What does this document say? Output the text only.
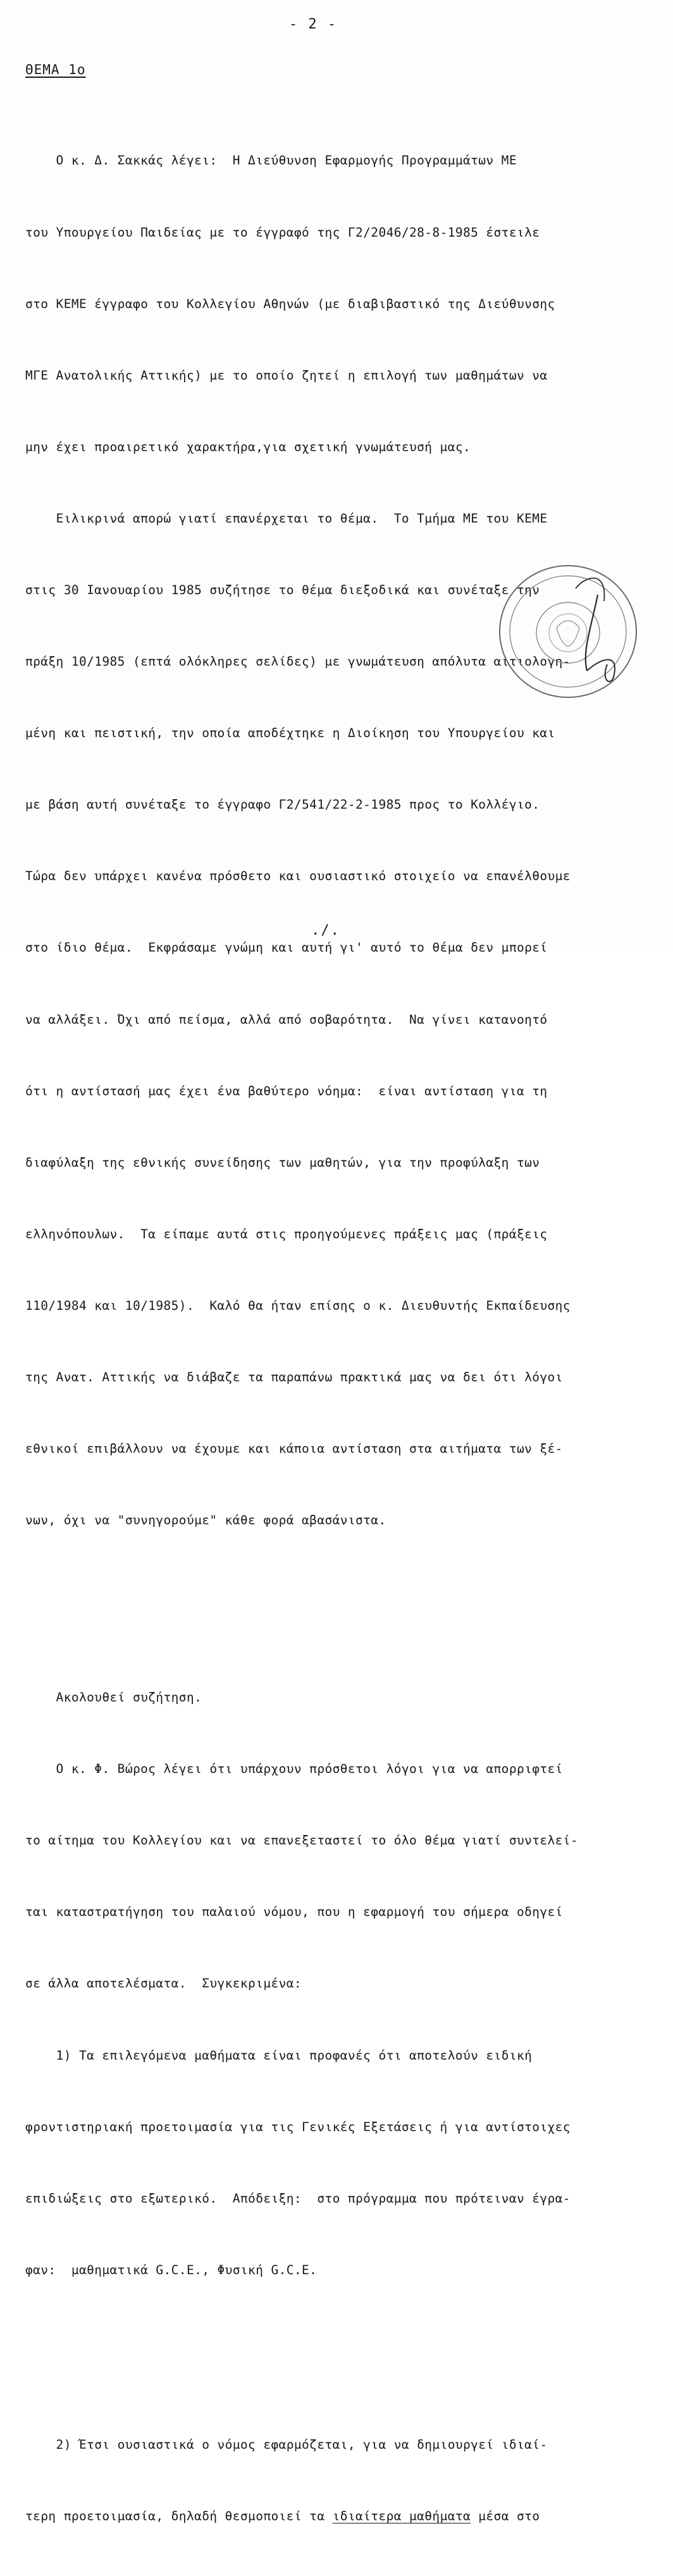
- 2 -
ΘΕΜΑ 1ο

Ο κ. Δ. Σακκάς λέγει:  Η Διεύθυνση Εφαρμογής Προγραμμάτων ΜΕ

του Υπουργείου Παιδείας με το έγγραφό της Γ2/2046/28-8-1985 έστειλε

στο ΚΕΜΕ έγγραφο του Κολλεγίου Αθηνών (με διαβιβαστικό της Διεύθυνσης

ΜΓΕ Ανατολικής Αττικής) με το οποίο ζητεί η επιλογή των μαθημάτων να

μην έχει προαιρετικό χαρακτήρα,για σχετική γνωμάτευσή μας.

Ειλικρινά απορώ γιατί επανέρχεται το θέμα.  Το Τμήμα ΜΕ του ΚΕΜΕ

στις 30 Ιανουαρίου 1985 συζήτησε το θέμα διεξοδικά και συνέταξε την

πράξη 10/1985 (επτά ολόκληρες σελίδες) με γνωμάτευση απόλυτα αιτιολογη-

μένη και πειστική, την οποία αποδέχτηκε η Διοίκηση του Υπουργείου και

με βάση αυτή συνέταξε το έγγραφο Γ2/541/22-2-1985 προς το Κολλέγιο.

Τώρα δεν υπάρχει κανένα πρόσθετο και ουσιαστικό στοιχείο να επανέλθουμε

στο ίδιο θέμα.  Εκφράσαμε γνώμη και αυτή γι' αυτό το θέμα δεν μπορεί

να αλλάξει. Όχι από πείσμα, αλλά από σοβαρότητα.  Να γίνει κατανοητό

ότι η αντίστασή μας έχει ένα βαθύτερο νόημα:  είναι αντίσταση για τη

διαφύλαξη της εθνικής συνείδησης των μαθητών, για την προφύλαξη των

ελληνόπουλων.  Τα είπαμε αυτά στις προηγούμενες πράξεις μας (πράξεις

110/1984 και 10/1985).  Καλό θα ήταν επίσης ο κ. Διευθυντής Εκπαίδευσης

της Ανατ. Αττικής να διάβαζε τα παραπάνω πρακτικά μας να δει ότι λόγοι

εθνικοί επιβάλλουν να έχουμε και κάποια αντίσταση στα αιτήματα των ξέ-

νων, όχι να "συνηγορούμε" κάθε φορά αβασάνιστα.

Ακολουθεί συζήτηση.

Ο κ. Φ. Βώρος λέγει ότι υπάρχουν πρόσθετοι λόγοι για να απορριφτεί

το αίτημα του Κολλεγίου και να επανεξεταστεί το όλο θέμα γιατί συντελεί-

ται καταστρατήγηση του παλαιού νόμου, που η εφαρμογή του σήμερα οδηγεί

σε άλλα αποτελέσματα.  Συγκεκριμένα:

1) Τα επιλεγόμενα μαθήματα είναι προφανές ότι αποτελούν ειδική

φροντιστηριακή προετοιμασία για τις Γενικές Εξετάσεις ή για αντίστοιχες

επιδιώξεις στο εξωτερικό.  Απόδειξη:  στο πρόγραμμα που πρότειναν έγρα-

φαν:  μαθηματικά G.C.E., Φυσική G.C.E.

2) Έτσι ουσιαστικά ο νόμος εφαρμόζεται, για να δημιουργεί ιδιαί-

τερη προετοιμασία, δηλαδή θεσμοποιεί τα ιδιαίτερα μαθήματα μέσα στο

./.
